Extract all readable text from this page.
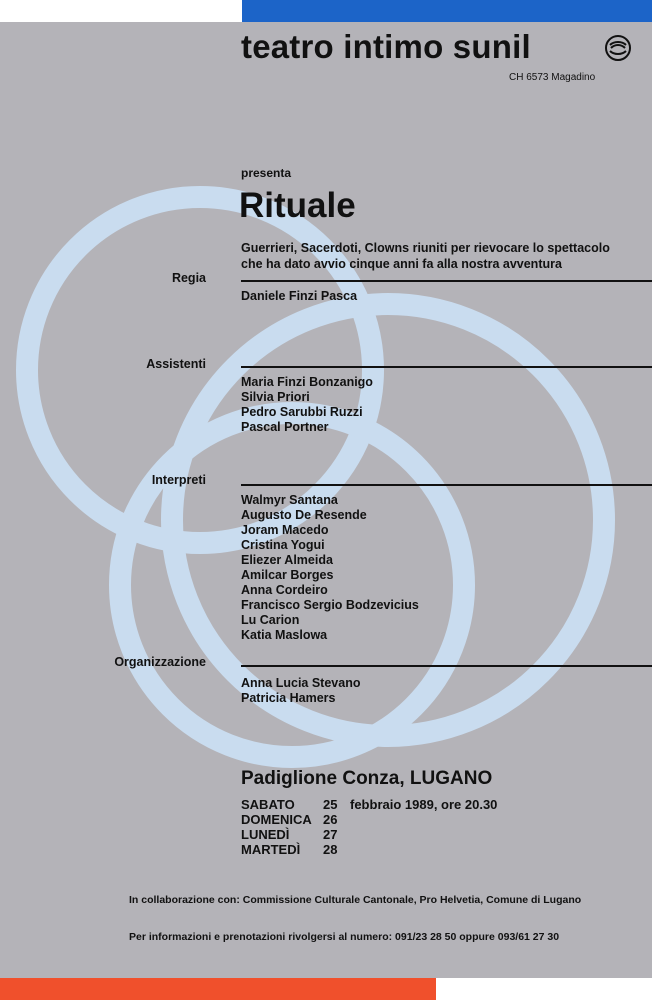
teatro intimo sunil
CH 6573 Magadino
presenta
Rituale
Guerrieri, Sacerdoti, Clowns riuniti per rievocare lo spettacolo
che ha dato avvio cinque anni fa alla nostra avventura
Regia
Daniele Finzi Pasca
Assistenti
Maria Finzi Bonzanigo
Silvia Priori
Pedro Sarubbi Ruzzi
Pascal Portner
Interpreti
Walmyr Santana
Augusto De Resende
Joram Macedo
Cristina Yogui
Eliezer Almeida
Amilcar Borges
Anna Cordeiro
Francisco Sergio Bodzevicius
Lu Carion
Katia Maslowa
Organizzazione
Anna Lucia Stevano
Patricia Hamers
Padiglione Conza, LUGANO
SABATO	25 febbraio 1989, ore 20.30
DOMENICA 26
LUNEDÌ	27
MARTEDÌ	28
In collaborazione con: Commissione Culturale Cantonale, Pro Helvetia, Comune di Lugano
Per informazioni e prenotazioni rivolgersi al numero: 091/23 28 50 oppure 093/61 27 30
